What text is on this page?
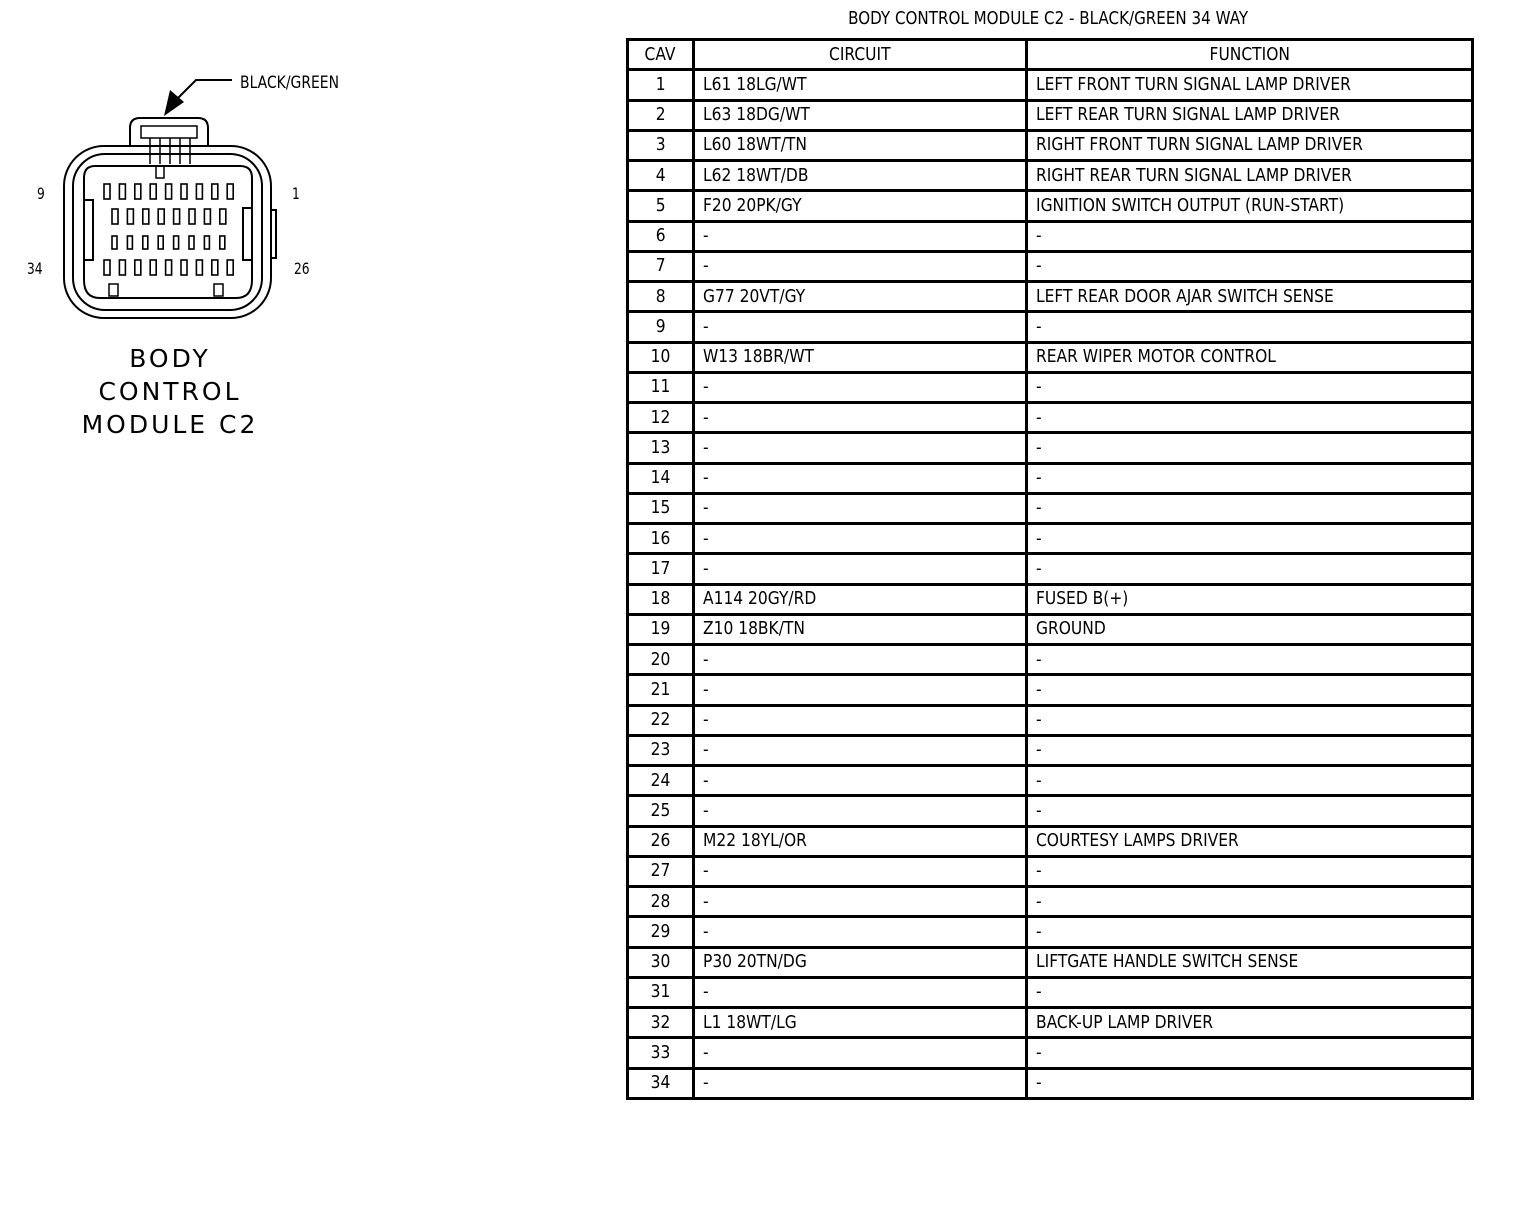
BLACK/GREEN
9	1
34	26
BODY
CONTROL
MODULE C2
BODY CONTROL MODULE C2 - BLACK/GREEN 34 WAY
CAV	CIRCUIT	FUNCTION
1	L61 18LG/WT	LEFT FRONT TURN SIGNAL LAMP DRIVER
2	L63 18DG/WT	LEFT REAR TURN SIGNAL LAMP DRIVER
3	L60 18WT/TN	RIGHT FRONT TURN SIGNAL LAMP DRIVER
4	L62 18WT/DB	RIGHT REAR TURN SIGNAL LAMP DRIVER
5	F20 20PK/GY	IGNITION SWITCH OUTPUT (RUN-START)
6	-	-
7	-	-
8	G77 20VT/GY	LEFT REAR DOOR AJAR SWITCH SENSE
9	-	-
10	W13 18BR/WT	REAR WIPER MOTOR CONTROL
11	-	-
12	-	-
13	-	-
14	-	-
15	-	-
16	-	-
17	-	-
18	A114 20GY/RD	FUSED B(+)
19	Z10 18BK/TN	GROUND
20	-	-
21	-	-
22	-	-
23	-	-
24	-	-
25	-	-
26	M22 18YL/OR	COURTESY LAMPS DRIVER
27	-	-
28	-	-
29	-	-
30	P30 20TN/DG	LIFTGATE HANDLE SWITCH SENSE
31	-	-
32	L1 18WT/LG	BACK-UP LAMP DRIVER
33	-	-
34	-	-
